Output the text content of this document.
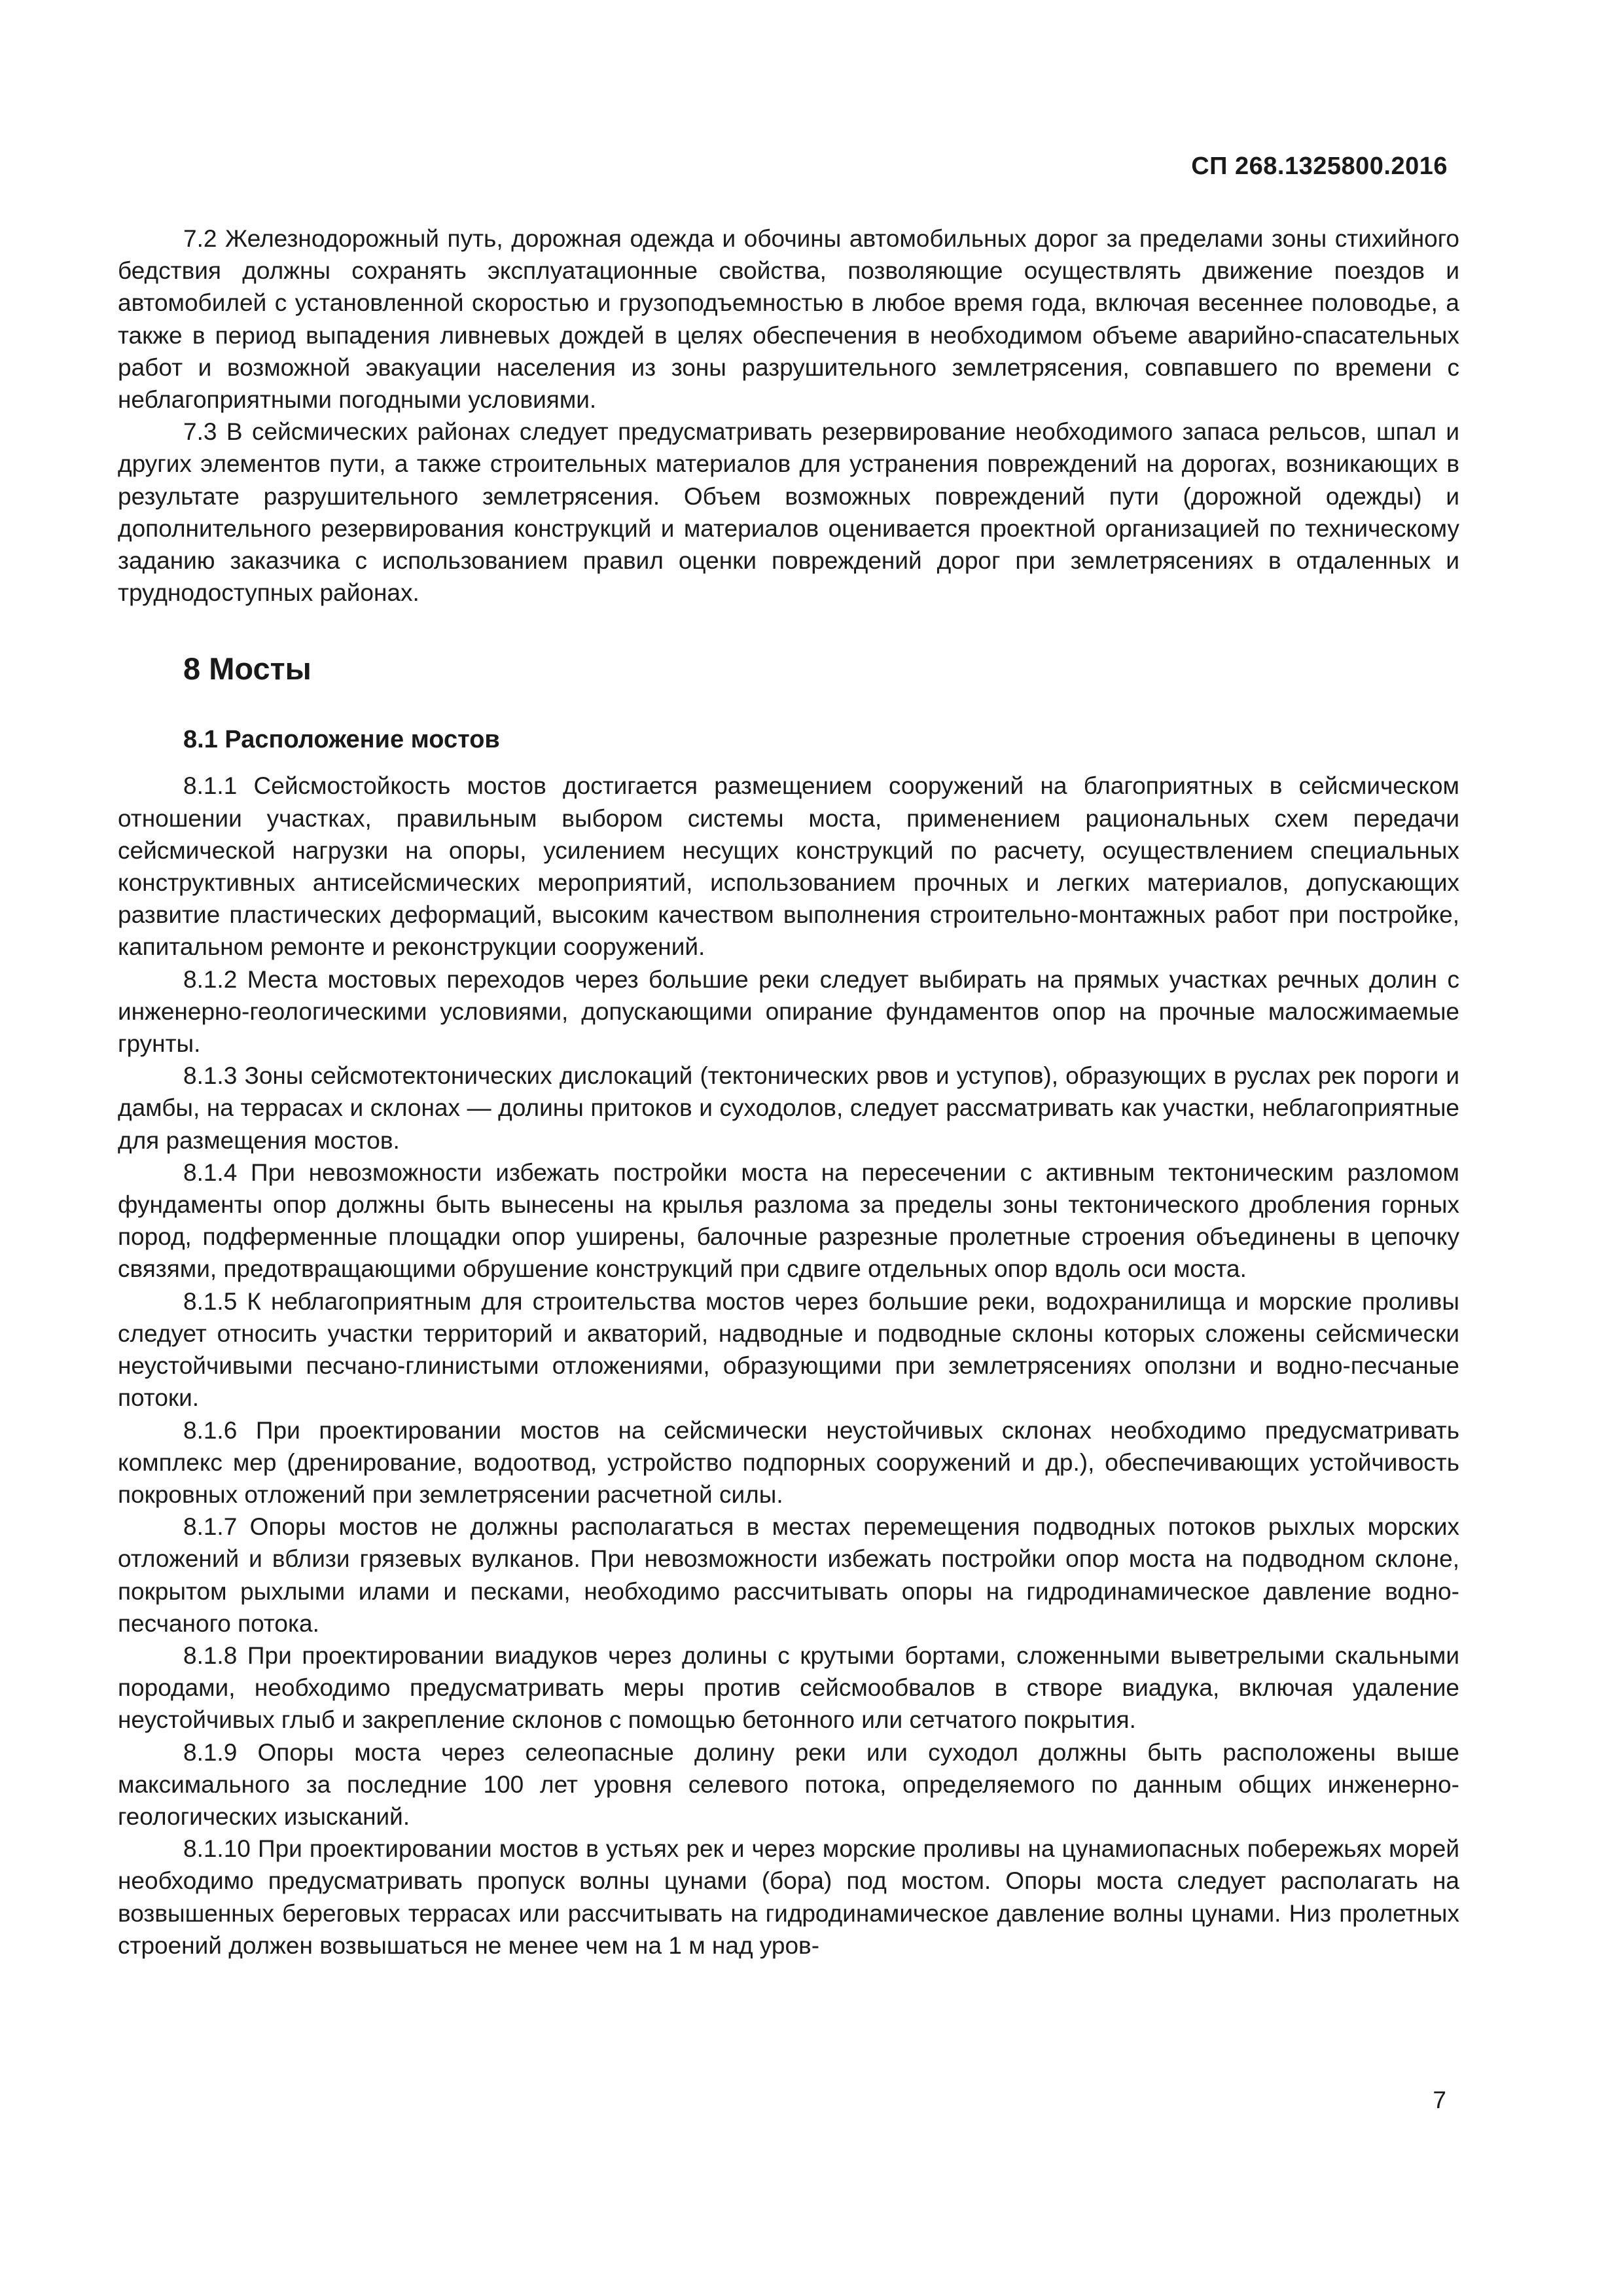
СП 268.1325800.2016

7.2 Железнодорожный путь, дорожная одежда и обочины автомобильных дорог за пределами зоны стихийного бедствия должны сохранять эксплуатационные свойства, позволяющие осуществлять движение поездов и автомобилей с установленной скоростью и грузоподъемностью в любое время года, включая весеннее половодье, а также в период выпадения ливневых дождей в целях обеспечения в необходимом объеме аварийно-спасательных работ и возможной эвакуации населения из зоны разрушительного землетрясения, совпавшего по времени с неблагоприятными погодными условиями.

7.3 В сейсмических районах следует предусматривать резервирование необходимого запаса рельсов, шпал и других элементов пути, а также строительных материалов для устранения повреждений на дорогах, возникающих в результате разрушительного землетрясения. Объем возможных повреждений пути (дорожной одежды) и дополнительного резервирования конструкций и материалов оценивается проектной организацией по техническому заданию заказчика с использованием правил оценки повреждений дорог при землетрясениях в отдаленных и труднодоступных районах.

8 Мосты
8.1 Расположение мостов

8.1.1 Сейсмостойкость мостов достигается размещением сооружений на благоприятных в сейсмическом отношении участках, правильным выбором системы моста, применением рациональных схем передачи сейсмической нагрузки на опоры, усилением несущих конструкций по расчету, осуществлением специальных конструктивных антисейсмических мероприятий, использованием прочных и легких материалов, допускающих развитие пластических деформаций, высоким качеством выполнения строительно-монтажных работ при постройке, капитальном ремонте и реконструкции сооружений.

8.1.2 Места мостовых переходов через большие реки следует выбирать на прямых участках речных долин с инженерно-геологическими условиями, допускающими опирание фундаментов опор на прочные малосжимаемые грунты.

8.1.3 Зоны сейсмотектонических дислокаций (тектонических рвов и уступов), образующих в руслах рек пороги и дамбы, на террасах и склонах — долины притоков и суходолов, следует рассматривать как участки, неблагоприятные для размещения мостов.

8.1.4 При невозможности избежать постройки моста на пересечении с активным тектоническим разломом фундаменты опор должны быть вынесены на крылья разлома за пределы зоны тектонического дробления горных пород, подферменные площадки опор уширены, балочные разрезные пролетные строения объединены в цепочку связями, предотвращающими обрушение конструкций при сдвиге отдельных опор вдоль оси моста.

8.1.5 К неблагоприятным для строительства мостов через большие реки, водохранилища и морские проливы следует относить участки территорий и акваторий, надводные и подводные склоны которых сложены сейсмически неустойчивыми песчано-глинистыми отложениями, образующими при землетрясениях оползни и водно-песчаные потоки.

8.1.6 При проектировании мостов на сейсмически неустойчивых склонах необходимо предусматривать комплекс мер (дренирование, водоотвод, устройство подпорных сооружений и др.), обеспечивающих устойчивость покровных отложений при землетрясении расчетной силы.

8.1.7 Опоры мостов не должны располагаться в местах перемещения подводных потоков рыхлых морских отложений и вблизи грязевых вулканов. При невозможности избежать постройки опор моста на подводном склоне, покрытом рыхлыми илами и песками, необходимо рассчитывать опоры на гидродинамическое давление водно-песчаного потока.

8.1.8 При проектировании виадуков через долины с крутыми бортами, сложенными выветрелыми скальными породами, необходимо предусматривать меры против сейсмообвалов в створе виадука, включая удаление неустойчивых глыб и закрепление склонов с помощью бетонного или сетчатого покрытия.

8.1.9 Опоры моста через селеопасные долину реки или суходол должны быть расположены выше максимального за последние 100 лет уровня селевого потока, определяемого по данным общих инженерно-геологических изысканий.

8.1.10 При проектировании мостов в устьях рек и через морские проливы на цунамиопасных побережьях морей необходимо предусматривать пропуск волны цунами (бора) под мостом. Опоры моста следует располагать на возвышенных береговых террасах или рассчитывать на гидродинамическое давление волны цунами. Низ пролетных строений должен возвышаться не менее чем на 1 м над уров-

7
